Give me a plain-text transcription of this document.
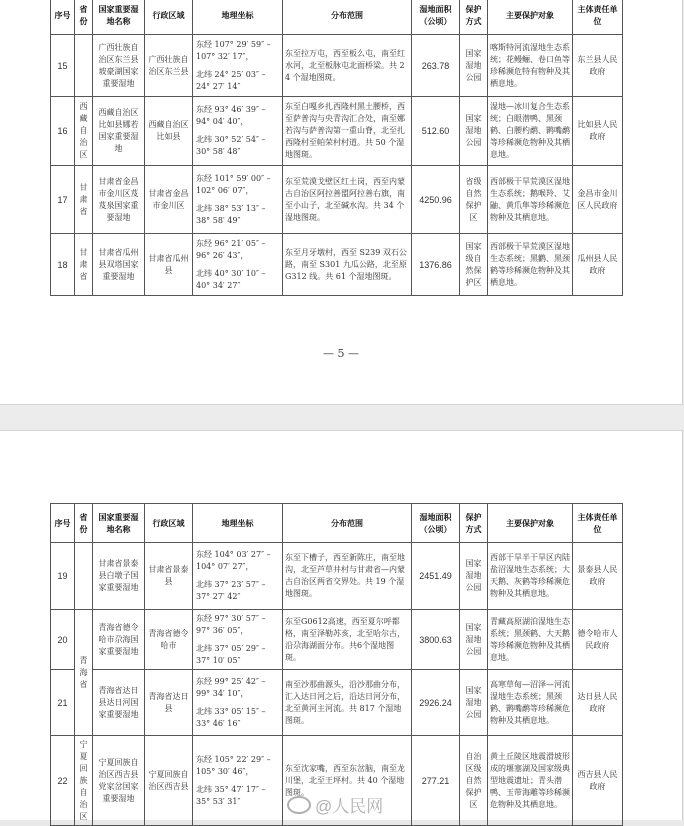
序号	省份	国家重要湿地名称	行政区域	地理坐标	分布范围	湿地面积（公顷）	保护方式	主要保护对象	主体责任单位
15		广西壮族自治区东兰县坡豪湖国家重要湿地	广西壮族自治区东兰县	东经 107° 29′ 59″ –
107° 32′ 17″，
北纬 24° 25′ 03″ –
24° 27′ 14″	东至拉万屯，西至板么屯，南至红水河，北至板脉屯北面桥梁。共 24 个湿地图斑。	263.78	国家湿地公园	喀斯特河流湿地生态系统；花鳗鲡、卷口鱼等珍稀濒危特有物种及其栖息地。	东兰县人民政府
16	西藏自治区	西藏自治区比如县娜若国家重要湿地	西藏自治区比如县	东经 93° 46′ 39″ –
94° 04′ 40″，
北纬 30° 52′ 54″ –
30° 58′ 48″	东至白嘎乡扎西隆村黑土腰桥，西至萨普沟与央青沟汇合处，南至娜若沟与萨普沟第一重山脊，北至扎西隆村至帕荣村村道。共 50 个湿地图斑。	512.60	国家湿地公园	湿地—冰川复合生态系统；白眼潜鸭、黑颈鹤、白腰杓鹬、鹮嘴鹬等珍稀濒危物种及其栖息地。	比如县人民政府
17	甘肃省	甘肃省金昌市金川区芨芨泉国家重要湿地	甘肃省金昌市金川区	东经 101° 59′ 00″ –
102° 06′ 07″，
北纬 38° 53′ 13″ –
38° 58′ 49″	东至荒漠戈壁区红土岗，西至内蒙古自治区阿拉善盟阿拉善右旗，南至小山子，北至碱水沟。共 34 个湿地图斑。	4250.96	省级自然保护区	西部极干旱荒漠区湿地生态系统；鹅喉羚、艾鼬、黄爪隼等珍稀濒危物种及其栖息地。	金昌市金川区人民政府
18	甘肃省	甘肃省瓜州县双塔国家重要湿地	甘肃省瓜州县	东经 96° 21′ 05″ –
96° 26′ 43″，
北纬 40° 30′ 10″ –
40° 34′ 27″	东至月牙墩村，西至 S239 双石公路，南至 S301 九瓜公路，北至原 G312 线。共 61 个湿地图斑。	1376.86	国家级自然保护区	西部极干旱荒漠区湿地生态系统；黑鹳、黑颈鹤等珍稀濒危物种及其栖息地。	瓜州县人民政府
— 5 —
序号	省份	国家重要湿地名称	行政区域	地理坐标	分布范围	湿地面积（公顷）	保护方式	主要保护对象	主体责任单位
19		甘肃省景泰县白墩子国家重要湿地	甘肃省景泰县	东经 104° 03′ 27″ –
104° 07′ 27″，
北纬 37° 23′ 57″ –
37° 27′ 42″	东至下槽子，西至新陈庄，南至地沟，北至芦草井村与甘肃省—内蒙古自治区两省交界处。共 19 个湿地图斑。	2451.49	国家湿地公园	西部干旱半干旱区内陆盐沼湿地生态系统；大天鹅、灰鹤等珍稀濒危物种及其栖息地。	景泰县人民政府
20	青海省	青海省德令哈市尕海国家重要湿地	青海省德令哈市	东经 97° 30′ 57″ –
97° 36′ 05″，
北纬 37° 05′ 29″ –
37° 10′ 05″	东至G0612高速，西至夏尔呼都格，南至泽勒苏亥，北至哈尔古，沿尕海湖面分布。共6个湿地图斑。	3800.63	国家湿地公园	青藏高原湖泊湿地生态系统；黑颈鹤、大天鹅等珍稀濒危物种及其栖息地。	德令哈市人民政府
21		青海省达日县达日河国家重要湿地	青海省达日县	东经 99° 25′ 42″ –
99° 34′ 10″，
北纬 33° 05′ 15″ –
33° 46′ 16″	南至沙那曲源头，沿沙那曲分布，汇入达日河之后，沿达日河分布，北至黄河主河流。共 817 个湿地图斑。	2926.24	国家湿地公园	高寒草甸—沼泽—河流湿地生态系统；黑颈鹤、鹮嘴鹬等珍稀濒危物种及其栖息地。	达日县人民政府
22	宁夏回族自治区	宁夏回族自治区西吉县党家岔国家重要湿地	宁夏回族自治区西吉县	东经 105° 22′ 29″ –
105° 30′ 46″，
北纬 35° 47′ 17″ –
35° 53′ 31″	东至沈家嘴，西至东岔脑，南至龙川堡，北至王坪村。共 40 个湿地图斑。	277.21	自治区级自然保护区	黄土丘陵区地震滑坡形成的堰塞湖及国家级典型地震遗址；青头潜鸭、玉带海雕等珍稀濒危物种及其栖息地。	西吉县人民政府
@人民网
